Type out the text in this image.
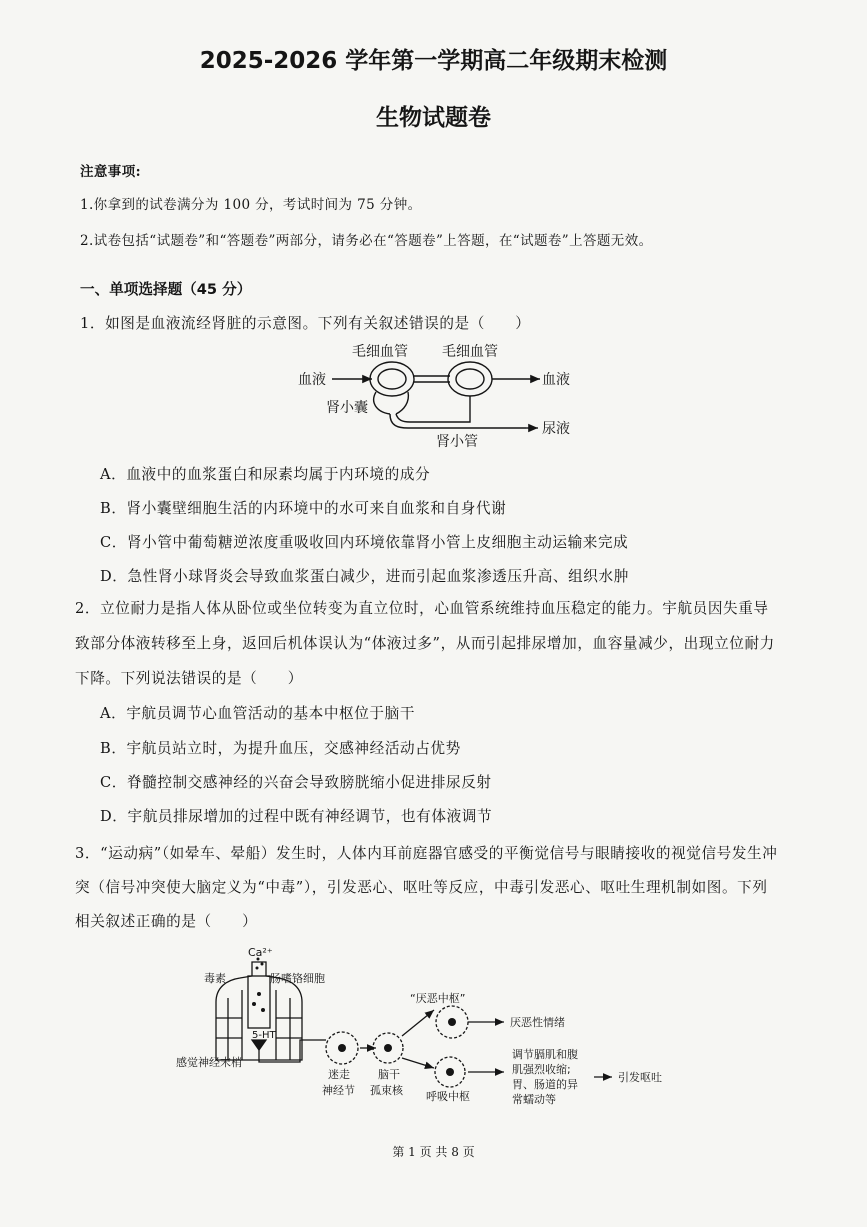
2025-2026 学年第一学期高二年级期末检测
生物试题卷
注意事项:
1.你拿到的试卷满分为 100 分，考试时间为 75 分钟。
2.试卷包括“试题卷”和“答题卷”两部分，请务必在“答题卷”上答题，在“试题卷”上答题无效。
一、单项选择题（45 分）
1．如图是血液流经肾脏的示意图。下列有关叙述错误的是（　　）
毛细血管 毛细血管
血液	血液
肾小囊
肾小管
尿液
A．血液中的血浆蛋白和尿素均属于内环境的成分
B．肾小囊壁细胞生活的内环境中的水可来自血浆和自身代谢
C．肾小管中葡萄糖逆浓度重吸收回内环境依靠肾小管上皮细胞主动运输来完成
D．急性肾小球肾炎会导致血浆蛋白减少，进而引起血浆渗透压升高、组织水肿
2．立位耐力是指人体从卧位或坐位转变为直立位时，心血管系统维持血压稳定的能力。宇航员因失重导
致部分体液转移至上身，返回后机体误认为“体液过多”，从而引起排尿增加，血容量减少，出现立位耐力
下降。下列说法错误的是（　　）
A．宇航员调节心血管活动的基本中枢位于脑干
B．宇航员站立时，为提升血压，交感神经活动占优势
C．脊髓控制交感神经的兴奋会导致膀胱缩小促进排尿反射
D．宇航员排尿增加的过程中既有神经调节，也有体液调节
3．“运动病”（如晕车、晕船）发生时，人体内耳前庭器官感受的平衡觉信号与眼睛接收的视觉信号发生冲
突（信号冲突使大脑定义为“中毒”），引发恶心、呕吐等反应，中毒引发恶心、呕吐生理机制如图。下列
相关叙述正确的是（　　）
Ca²⁺
毒素	肠嗜铬细胞
5-HT
感觉神经末梢
迷走
神经节
脑干
孤束核
“厌恶中枢”
厌恶性情绪
呼吸中枢
调节膈肌和腹
肌强烈收缩;
胃、肠道的异
常蠕动等
引发呕吐
第 1 页 共 8 页
